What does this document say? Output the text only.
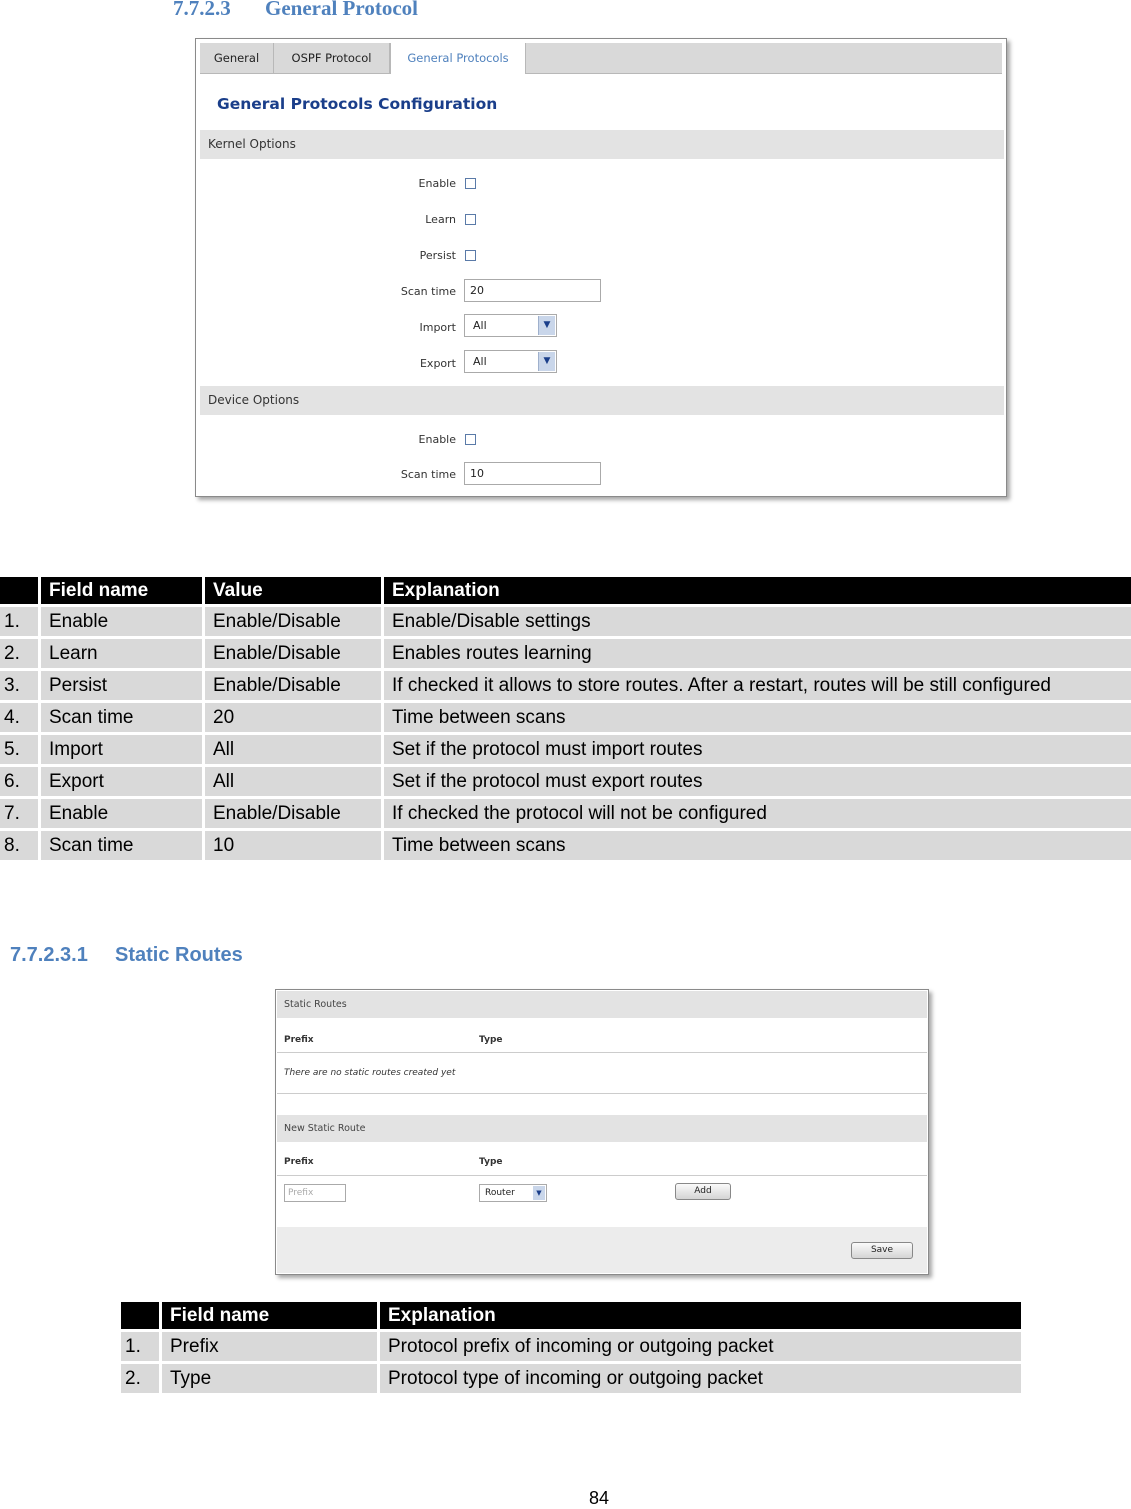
7.7.2.3 General Protocol
General	OSPF Protocol	General Protocols
General Protocols Configuration
Kernel Options
Enable
Learn
Persist
Scan time	20
Import	All	▼
Export	All	▼
Device Options
Enable
Scan time	10
	Field name	Value	Explanation
1.	Enable	Enable/Disable	Enable/Disable settings
2.	Learn	Enable/Disable	Enables routes learning
3.	Persist	Enable/Disable	If checked it allows to store routes. After a restart, routes will be still configured
4.	Scan time	20	Time between scans
5.	Import	All	Set if the protocol must import routes
6.	Export	All	Set if the protocol must export routes
7.	Enable	Enable/Disable	If checked the protocol will not be configured
8.	Scan time	10	Time between scans
7.7.2.3.1 Static Routes
Static Routes
Prefix	Type
There are no static routes created yet
New Static Route
Prefix	Type
Prefix	Router	▼	Add
Save
	Field name	Explanation
1.	Prefix	Protocol prefix of incoming or outgoing packet
2.	Type	Protocol type of incoming or outgoing packet
84
